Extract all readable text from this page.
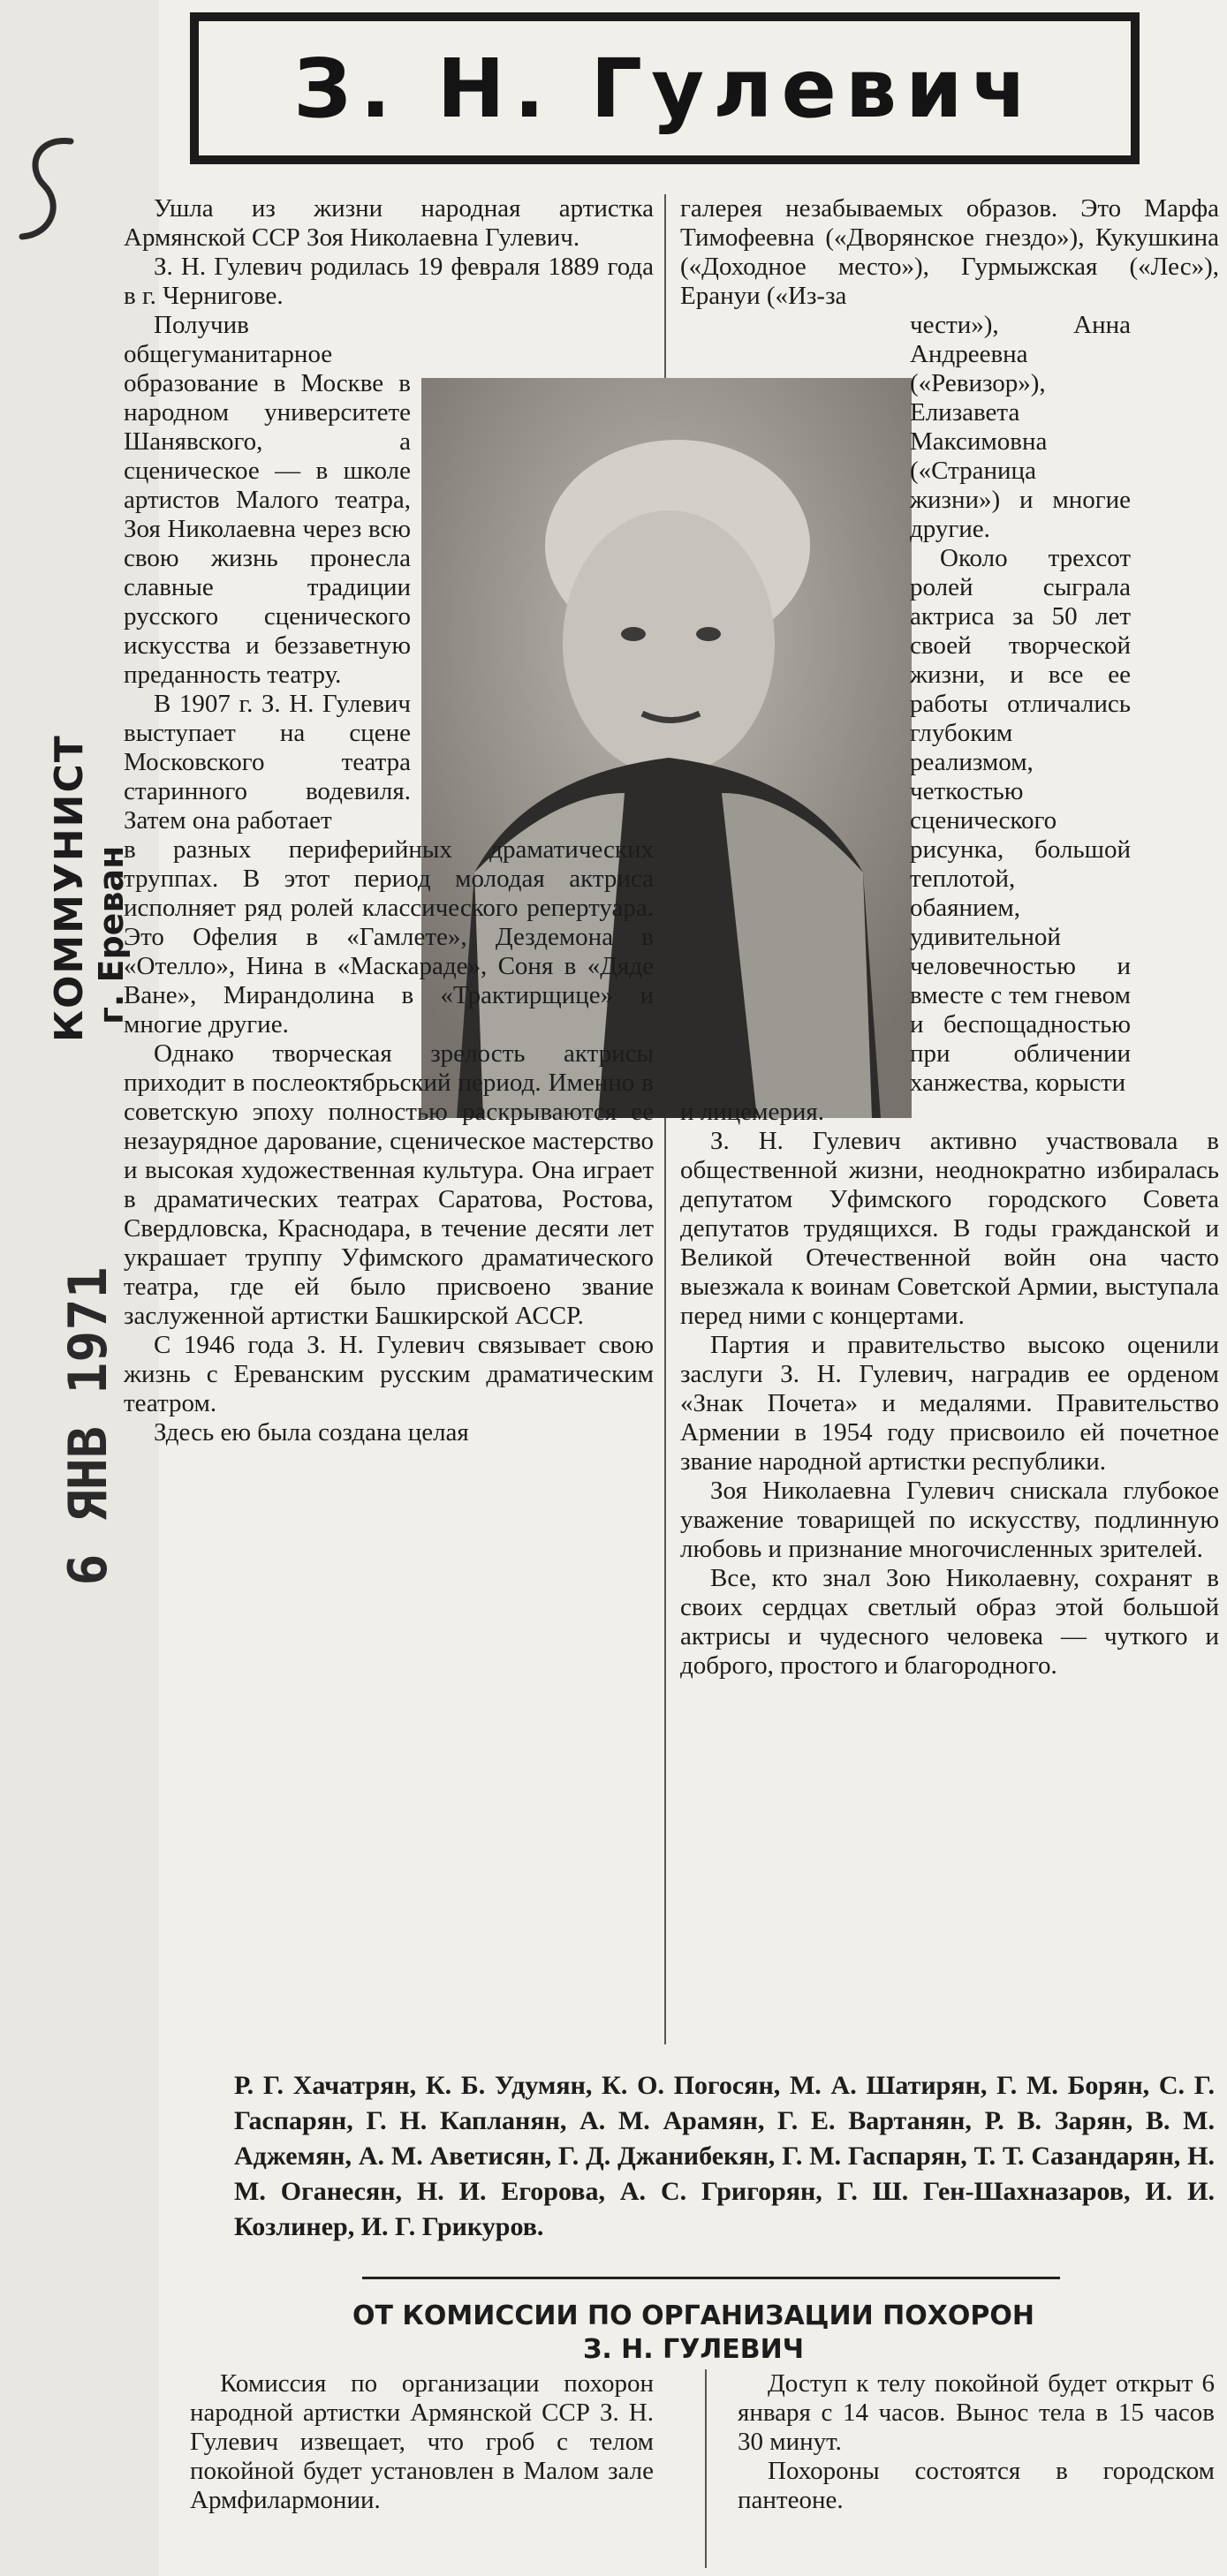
КОММУНИСТ г. Ереван
6 ЯНВ 1971
З. Н. Гулевич

Ушла из жизни народная артистка Армянской ССР Зоя Николаевна Гулевич.

З. Н. Гулевич родилась 19 февраля 1889 года в г. Чернигове.

Получив общегуманитарное образование в Москве в народном университете Шанявского, а сценическое — в школе артистов Малого театра, Зоя Николаевна через всю свою жизнь пронесла славные традиции русского сценического искусства и беззаветную преданность театру.

В 1907 г. З. Н. Гулевич выступает на сцене Московского театра старинного водевиля. Затем она работает

в разных периферийных драматических труппах. В этот период молодая актриса исполняет ряд ролей классического репертуара. Это Офелия в «Гамлете», Дездемона в «Отелло», Нина в «Маскараде», Соня в «Дяде Ване», Мирандолина в «Трактирщице» и многие другие.

Однако творческая зрелость актрисы приходит в послеоктябрьский период. Именно в советскую эпоху полностью раскрываются ее незаурядное дарование, сценическое мастерство и высокая художественная культура. Она играет в драматических театрах Саратова, Ростова, Свердловска, Краснодара, в течение десяти лет украшает труппу Уфимского драматического театра, где ей было присвоено звание заслуженной артистки Башкирской АССР.

С 1946 года З. Н. Гулевич связывает свою жизнь с Ереванским русским драматическим театром.

Здесь ею была создана целая

галерея незабываемых образов. Это Марфа Тимофеевна («Дворянское гнездо»), Кукушкина («Доходное место»), Гурмыжская («Лес»), Ерануи («Из-за

чести»), Анна Андреевна («Ревизор»), Елизавета Максимовна («Страница жизни») и многие другие.

Около трехсот ролей сыграла актриса за 50 лет своей творческой жизни, и все ее работы отличались глубоким реализмом, четкостью сценического рисунка, большой теплотой, обаянием, удивительной человечностью и вместе с тем гневом и беспощадностью при обличении ханжества, корысти

и лицемерия.

З. Н. Гулевич активно участвовала в общественной жизни, неоднократно избиралась депутатом Уфимского городского Совета депутатов трудящихся. В годы гражданской и Великой Отечественной войн она часто выезжала к воинам Советской Армии, выступала перед ними с концертами.

Партия и правительство высоко оценили заслуги З. Н. Гулевич, наградив ее орденом «Знак Почета» и медалями. Правительство Армении в 1954 году присвоило ей почетное звание народной артистки республики.

Зоя Николаевна Гулевич снискала глубокое уважение товарищей по искусству, подлинную любовь и признание многочисленных зрителей.

Все, кто знал Зою Николаевну, сохранят в своих сердцах светлый образ этой большой актрисы и чудесного человека — чуткого и доброго, простого и благородного.

Р. Г. Хачатрян, К. Б. Удумян, К. О. Погосян, М. А. Шатирян, Г. М. Борян, С. Г. Гаспарян, Г. Н. Капланян, А. М. Арамян, Г. Е. Вартанян, Р. В. Зарян, В. М. Аджемян, А. М. Аветисян, Г. Д. Джанибекян, Г. М. Гаспарян, Т. Т. Сазандарян, Н. М. Оганесян, Н. И. Егорова, А. С. Григорян, Г. Ш. Ген-Шахназаров, И. И. Козлинер, И. Г. Грикуров.
ОТ КОМИССИИ ПО ОРГАНИЗАЦИИ ПОХОРОН
З. Н. ГУЛЕВИЧ

Комиссия по организации похорон народной артистки Армянской ССР З. Н. Гулевич извещает, что гроб с телом покойной будет установлен в Малом зале Армфилармонии.

Доступ к телу покойной будет открыт 6 января с 14 часов. Вынос тела в 15 часов 30 минут.

Похороны состоятся в городском пантеоне.
